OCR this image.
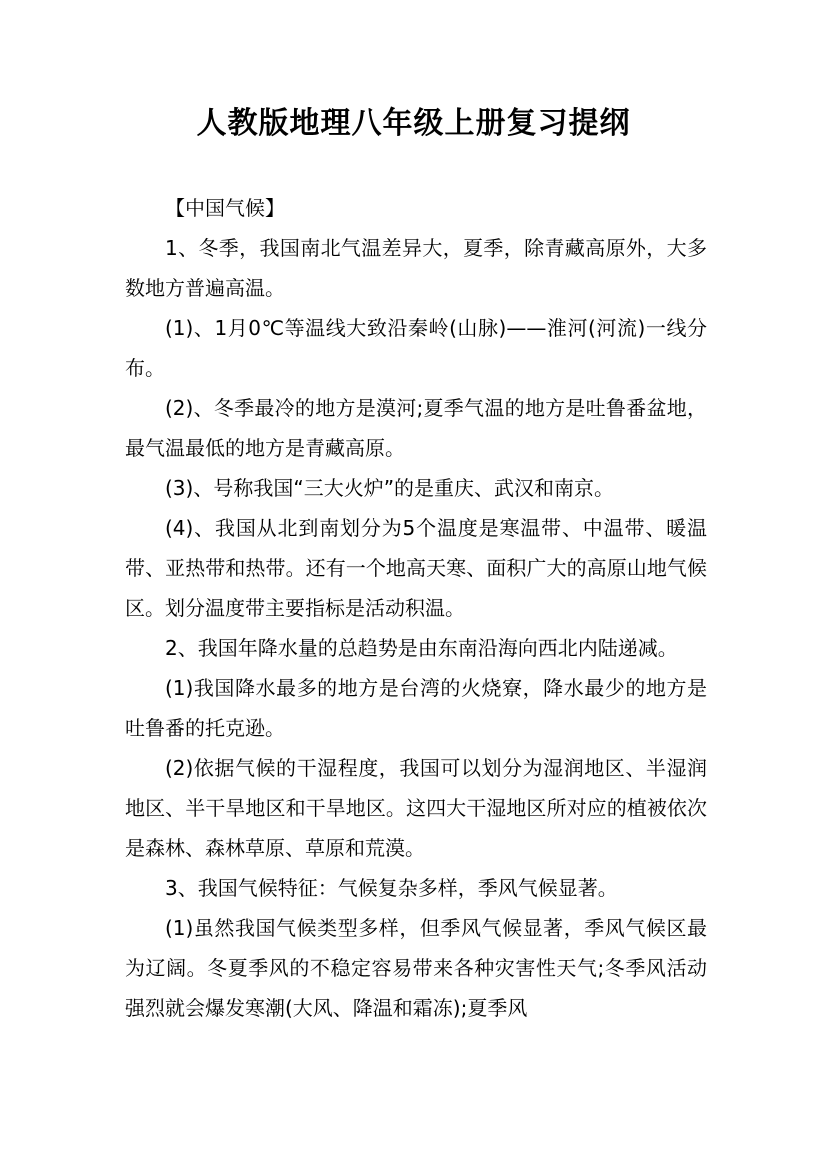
人教版地理八年级上册复习提纲

【中国气候】

1、冬季，我国南北气温差异大，夏季，除青藏高原外，大多数地方普遍高温。

(1)、1月0℃等温线大致沿秦岭(山脉)——淮河(河流)一线分布。

(2)、冬季最冷的地方是漠河;夏季气温的地方是吐鲁番盆地，最气温最低的地方是青藏高原。

(3)、号称我国“三大火炉”的是重庆、武汉和南京。

(4)、我国从北到南划分为5个温度是寒温带、中温带、暖温带、亚热带和热带。还有一个地高天寒、面积广大的高原山地气候区。划分温度带主要指标是活动积温。

2、我国年降水量的总趋势是由东南沿海向西北内陆递减。

(1)我国降水最多的地方是台湾的火烧寮，降水最少的地方是吐鲁番的托克逊。

(2)依据气候的干湿程度，我国可以划分为湿润地区、半湿润地区、半干旱地区和干旱地区。这四大干湿地区所对应的植被依次是森林、森林草原、草原和荒漠。

3、我国气候特征：气候复杂多样，季风气候显著。

(1)虽然我国气候类型多样，但季风气候显著，季风气候区最为辽阔。冬夏季风的不稳定容易带来各种灾害性天气;冬季风活动强烈就会爆发寒潮(大风、降温和霜冻);夏季风
